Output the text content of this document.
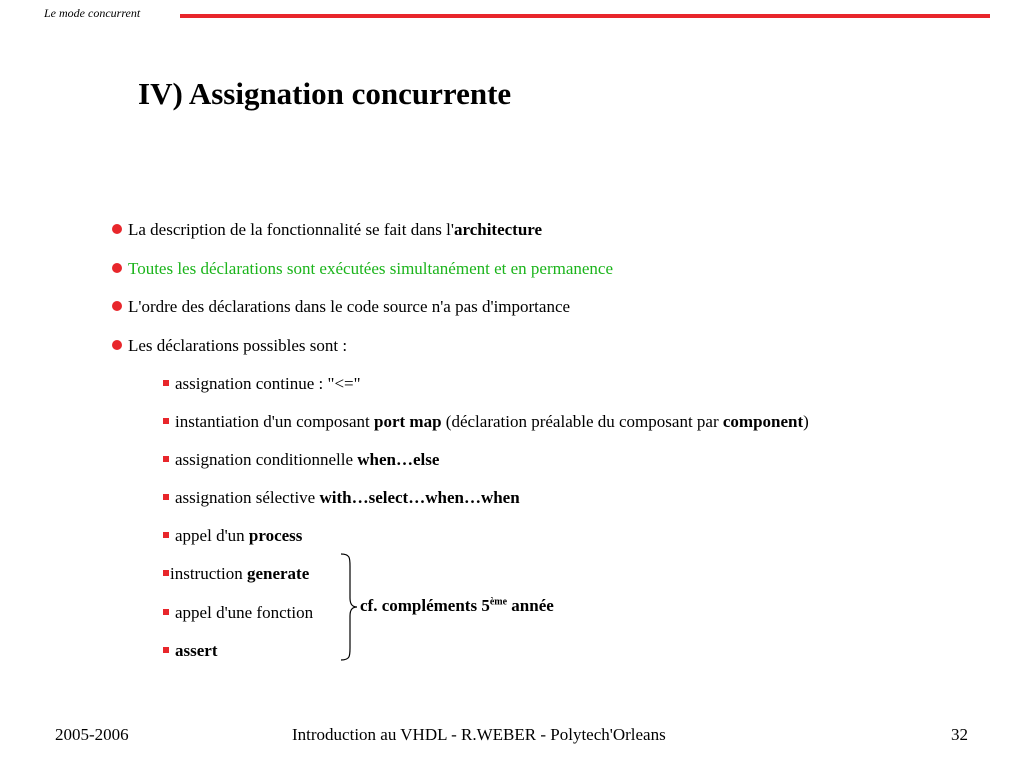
Le mode concurrent
IV) Assignation concurrente
La description de la fonctionnalité se fait dans l'architecture
Toutes les déclarations sont exécutées simultanément et en permanence
L'ordre des déclarations dans le code source n'a pas d'importance
Les déclarations possibles sont :
assignation continue : "<="
instantiation d'un composant port map (déclaration préalable du composant par component)
assignation conditionnelle when…else
assignation sélective with…select…when…when
appel d'un process
instruction generate
appel d'une fonction
assert
cf. compléments 5ème année
2005-2006	Introduction au VHDL - R.WEBER - Polytech'Orleans	32
